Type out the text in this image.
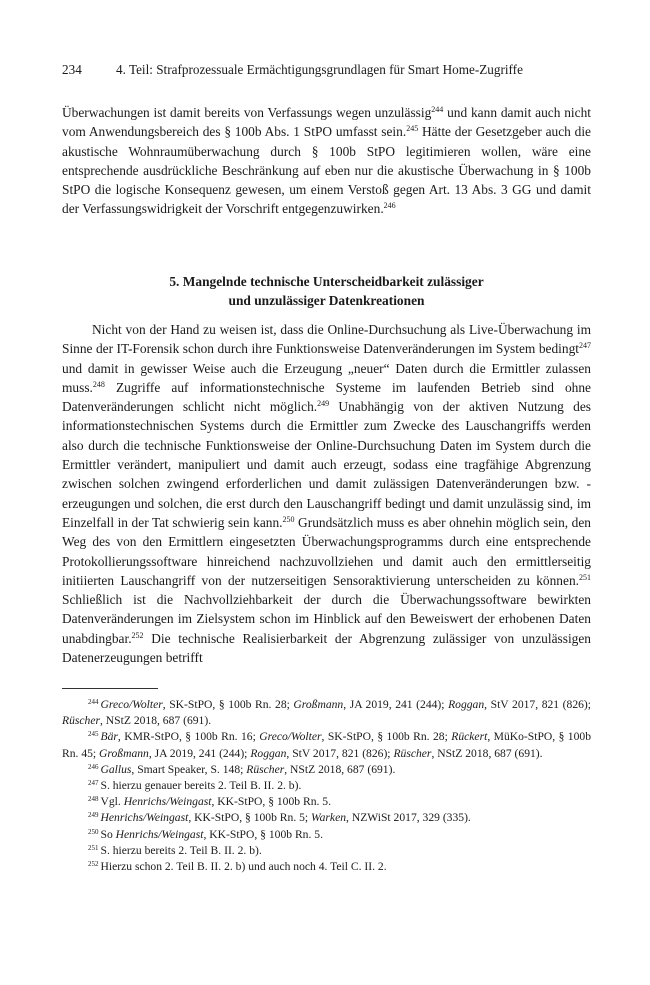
234	4. Teil: Strafprozessuale Ermächtigungsgrundlagen für Smart Home-Zugriffe

Überwachungen ist damit bereits von Verfassungs wegen unzulässig$^{244}$ und kann damit auch nicht vom Anwendungsbereich des § 100b Abs. 1 StPO umfasst sein.$^{245}$ Hätte der Gesetzgeber auch die akustische Wohnraumüberwachung durch § 100b StPO legitimieren wollen, wäre eine entsprechende ausdrückliche Beschränkung auf eben nur die akustische Überwachung in § 100b StPO die logische Konsequenz gewesen, um einem Verstoß gegen Art. 13 Abs. 3 GG und damit der Verfassungswidrigkeit der Vorschrift entgegenzuwirken.$^{246}$

5. Mangelnde technische Unterscheidbarkeit zulässiger
und unzulässiger Datenkreationen

Nicht von der Hand zu weisen ist, dass die Online-Durchsuchung als Live-Überwachung im Sinne der IT-Forensik schon durch ihre Funktionsweise Datenveränderungen im System bedingt$^{247}$ und damit in gewisser Weise auch die Erzeugung „neuer“ Daten durch die Ermittler zulassen muss.$^{248}$ Zugriffe auf informationstechnische Systeme im laufenden Betrieb sind ohne Datenveränderungen schlicht nicht möglich.$^{249}$ Unabhängig von der aktiven Nutzung des informationstechnischen Systems durch die Ermittler zum Zwecke des Lauschangriffs werden also durch die technische Funktionsweise der Online-Durchsuchung Daten im System durch die Ermittler verändert, manipuliert und damit auch erzeugt, sodass eine tragfähige Abgrenzung zwischen solchen zwingend erforderlichen und damit zulässigen Datenveränderungen bzw. -erzeugungen und solchen, die erst durch den Lauschangriff bedingt und damit unzulässig sind, im Einzelfall in der Tat schwierig sein kann.$^{250}$ Grundsätzlich muss es aber ohnehin möglich sein, den Weg des von den Ermittlern eingesetzten Überwachungsprogramms durch eine entsprechende Protokollierungssoftware hinreichend nachzuvollziehen und damit auch den ermittlerseitig initiierten Lauschangriff von der nutzerseitigen Sensoraktivierung unterscheiden zu können.$^{251}$ Schließlich ist die Nachvollziehbarkeit der durch die Überwachungssoftware bewirkten Datenveränderungen im Zielsystem schon im Hinblick auf den Beweiswert der erhobenen Daten unabdingbar.$^{252}$ Die technische Realisierbarkeit der Abgrenzung zulässiger von unzulässigen Datenerzeugungen betrifft

$^{244}$ Greco/Wolter, SK-StPO, § 100b Rn. 28; Großmann, JA 2019, 241 (244); Roggan, StV 2017, 821 (826); Rüscher, NStZ 2018, 687 (691).

$^{245}$ Bär, KMR-StPO, § 100b Rn. 16; Greco/Wolter, SK-StPO, § 100b Rn. 28; Rückert, MüKo-StPO, § 100b Rn. 45; Großmann, JA 2019, 241 (244); Roggan, StV 2017, 821 (826); Rüscher, NStZ 2018, 687 (691).

$^{246}$ Gallus, Smart Speaker, S. 148; Rüscher, NStZ 2018, 687 (691).

$^{247}$ S. hierzu genauer bereits 2. Teil B. II. 2. b).

$^{248}$ Vgl. Henrichs/Weingast, KK-StPO, § 100b Rn. 5.

$^{249}$ Henrichs/Weingast, KK-StPO, § 100b Rn. 5; Warken, NZWiSt 2017, 329 (335).

$^{250}$ So Henrichs/Weingast, KK-StPO, § 100b Rn. 5.

$^{251}$ S. hierzu bereits 2. Teil B. II. 2. b).

$^{252}$ Hierzu schon 2. Teil B. II. 2. b) und auch noch 4. Teil C. II. 2.
